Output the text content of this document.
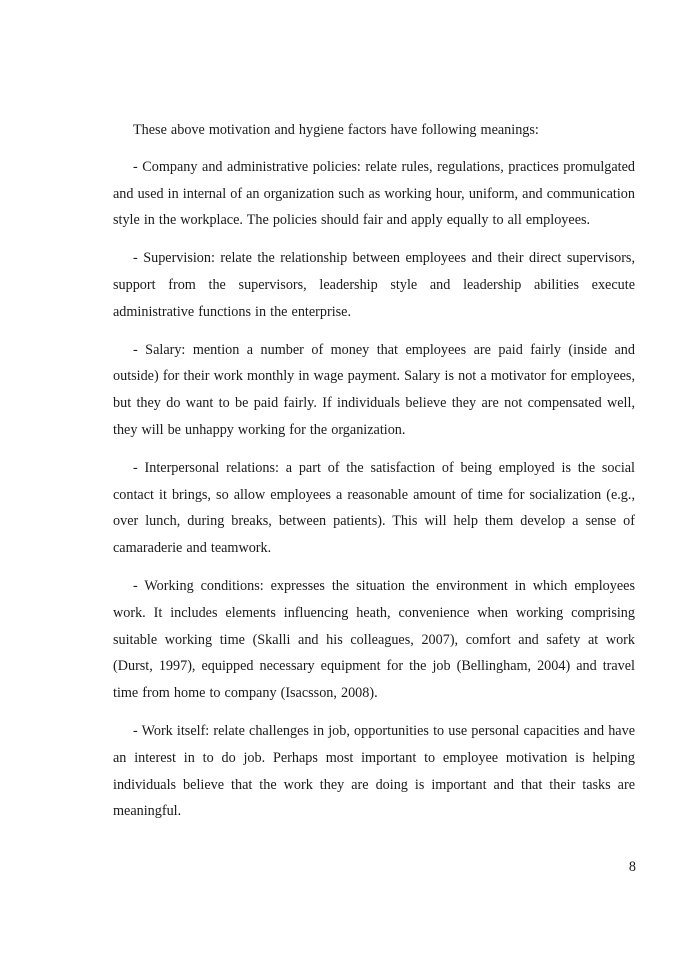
These above motivation and hygiene factors have following meanings:

- Company and administrative policies: relate rules, regulations, practices promulgated and used in internal of an organization such as working hour, uniform, and communication style in the workplace. The policies should fair and apply equally to all employees.

- Supervision: relate the relationship between employees and their direct supervisors, support from the supervisors, leadership style and leadership abilities execute administrative functions in the enterprise.

- Salary: mention a number of money that employees are paid fairly (inside and outside) for their work monthly in wage payment. Salary is not a motivator for employees, but they do want to be paid fairly. If individuals believe they are not compensated well, they will be unhappy working for the organization.

- Interpersonal relations: a part of the satisfaction of being employed is the social contact it brings, so allow employees a reasonable amount of time for socialization (e.g., over lunch, during breaks, between patients). This will help them develop a sense of camaraderie and teamwork.

- Working conditions: expresses the situation the environment in which employees work. It includes elements influencing heath, convenience when working comprising suitable working time (Skalli and his colleagues, 2007), comfort and safety at work (Durst, 1997), equipped necessary equipment for the job (Bellingham, 2004) and travel time from home to company (Isacsson, 2008).

- Work itself: relate challenges in job, opportunities to use personal capacities and have an interest in to do job. Perhaps most important to employee motivation is helping individuals believe that the work they are doing is important and that their tasks are meaningful.

8
